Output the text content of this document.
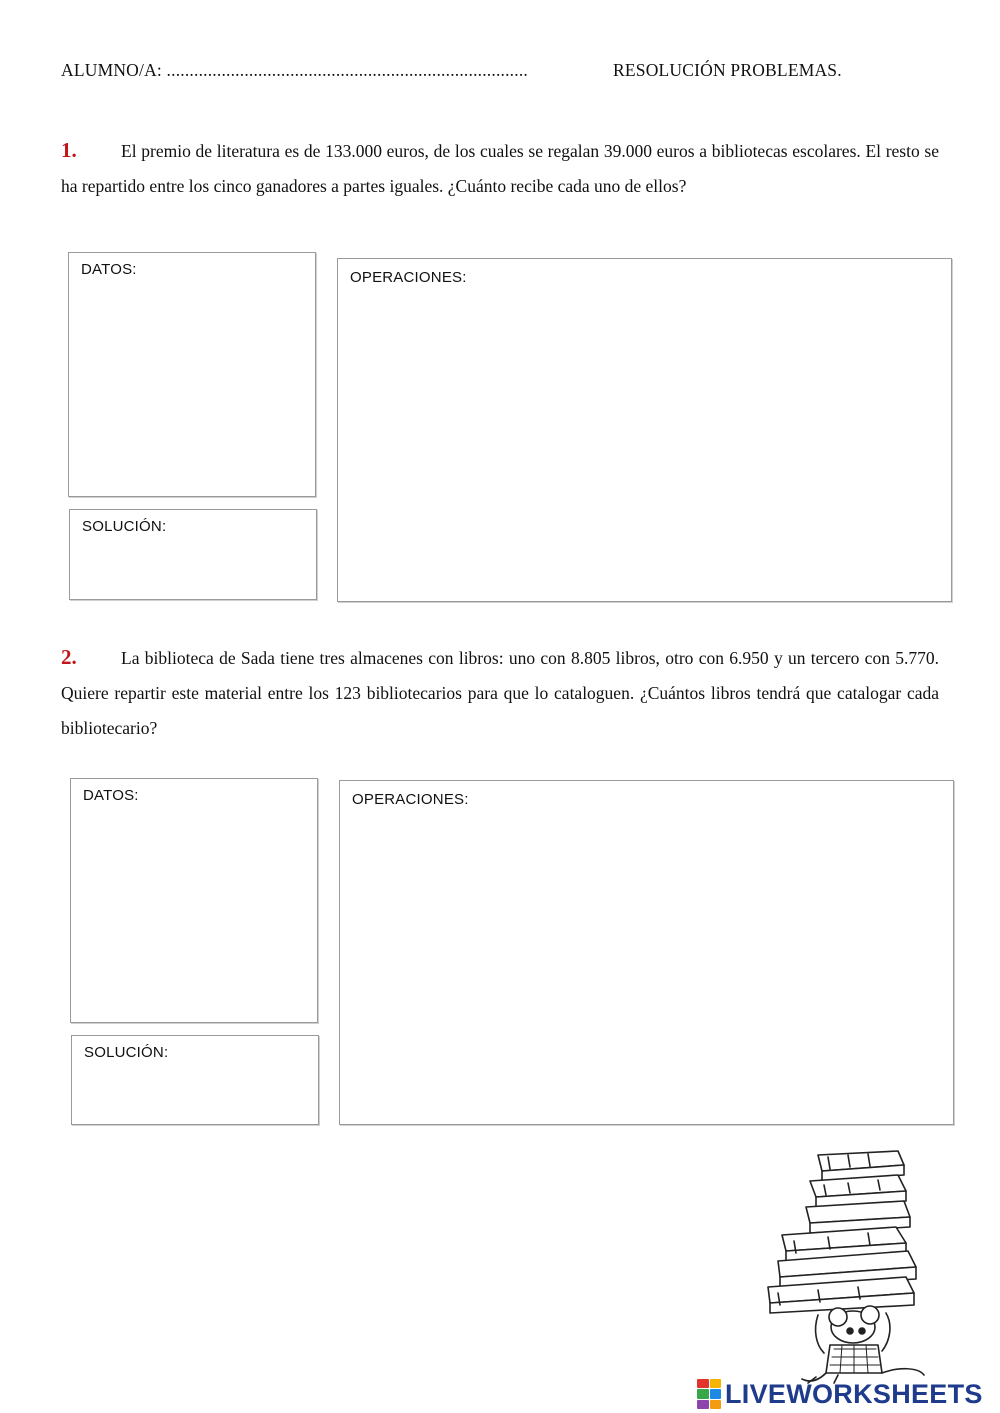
ALUMNO/A: ...............................................................................	RESOLUCIÓN PROBLEMAS.
1.	El premio de literatura es de 133.000 euros, de los cuales se regalan 39.000 euros a bibliotecas escolares. El resto se ha repartido entre los cinco ganadores a partes iguales. ¿Cuánto recibe cada uno de ellos?
DATOS:
SOLUCIÓN:
OPERACIONES:
2.	La biblioteca de Sada tiene tres almacenes con libros: uno con 8.805 libros, otro con 6.950 y un tercero con 5.770. Quiere repartir este material entre los 123 bibliotecarios para que lo cataloguen. ¿Cuántos libros tendrá que catalogar cada bibliotecario?
DATOS:
SOLUCIÓN:
OPERACIONES:
LIVEWORKSHEETS
